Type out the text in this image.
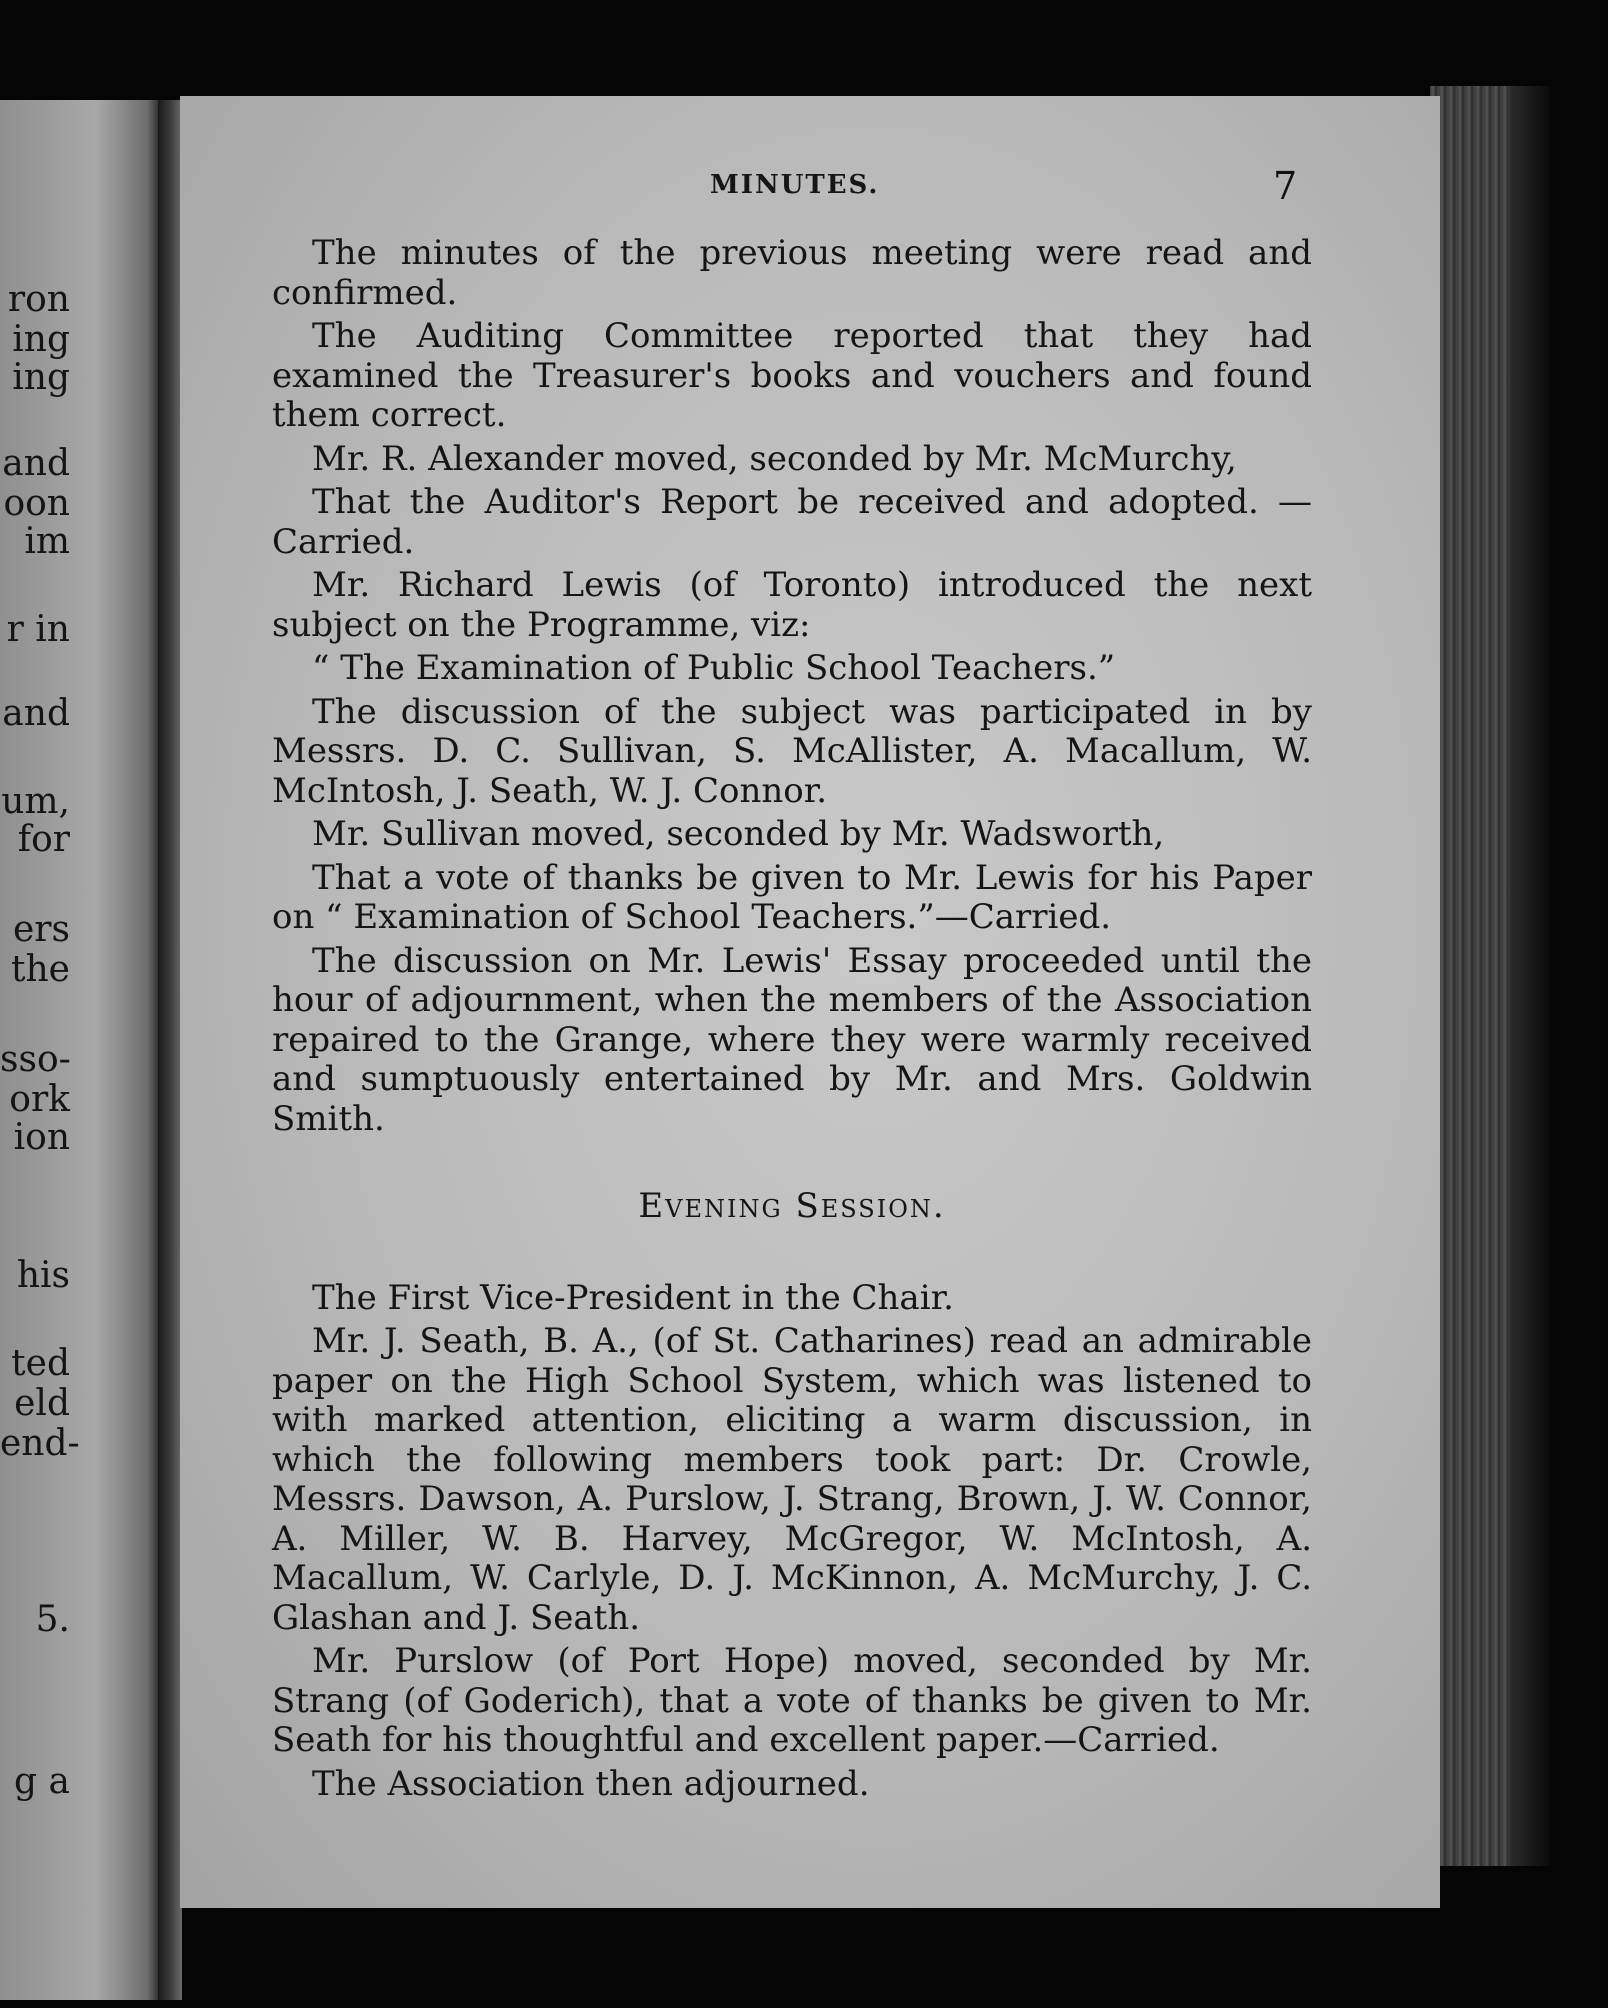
ron
ing
ing
and
oon
im
r in
and
um,
for
ers
the
sso-
ork
ion
his
ted
eld
end-
5.
g a
MINUTES.	7

The minutes of the previous meeting were read and confirmed.

The Auditing Committee reported that they had examined the Treasurer's books and vouchers and found them correct.

Mr. R. Alexander moved, seconded by Mr. McMurchy,

That the Auditor's Report be received and adopted. —Carried.

Mr. Richard Lewis (of Toronto) introduced the next subject on the Programme, viz:

“ The Examination of Public School Teachers.”

The discussion of the subject was participated in by Messrs. D. C. Sullivan, S. McAllister, A. Macallum, W. McIntosh, J. Seath, W. J. Connor.

Mr. Sullivan moved, seconded by Mr. Wadsworth,

That a vote of thanks be given to Mr. Lewis for his Paper on “ Examination of School Teachers.”—Carried.

The discussion on Mr. Lewis' Essay proceeded until the hour of adjournment, when the members of the Association repaired to the Grange, where they were warmly received and sumptuously entertained by Mr. and Mrs. Goldwin Smith.

Evening Session.

The First Vice-President in the Chair.

Mr. J. Seath, B. A., (of St. Catharines) read an admirable paper on the High School System, which was listened to with marked attention, eliciting a warm discussion, in which the following members took part: Dr. Crowle, Messrs. Dawson, A. Purslow, J. Strang, Brown, J. W. Connor, A. Miller, W. B. Harvey, McGregor, W. McIntosh, A. Macallum, W. Carlyle, D. J. McKinnon, A. McMurchy, J. C. Glashan and J. Seath.

Mr. Purslow (of Port Hope) moved, seconded by Mr. Strang (of Goderich), that a vote of thanks be given to Mr. Seath for his thoughtful and excellent paper.—Carried.

The Association then adjourned.
